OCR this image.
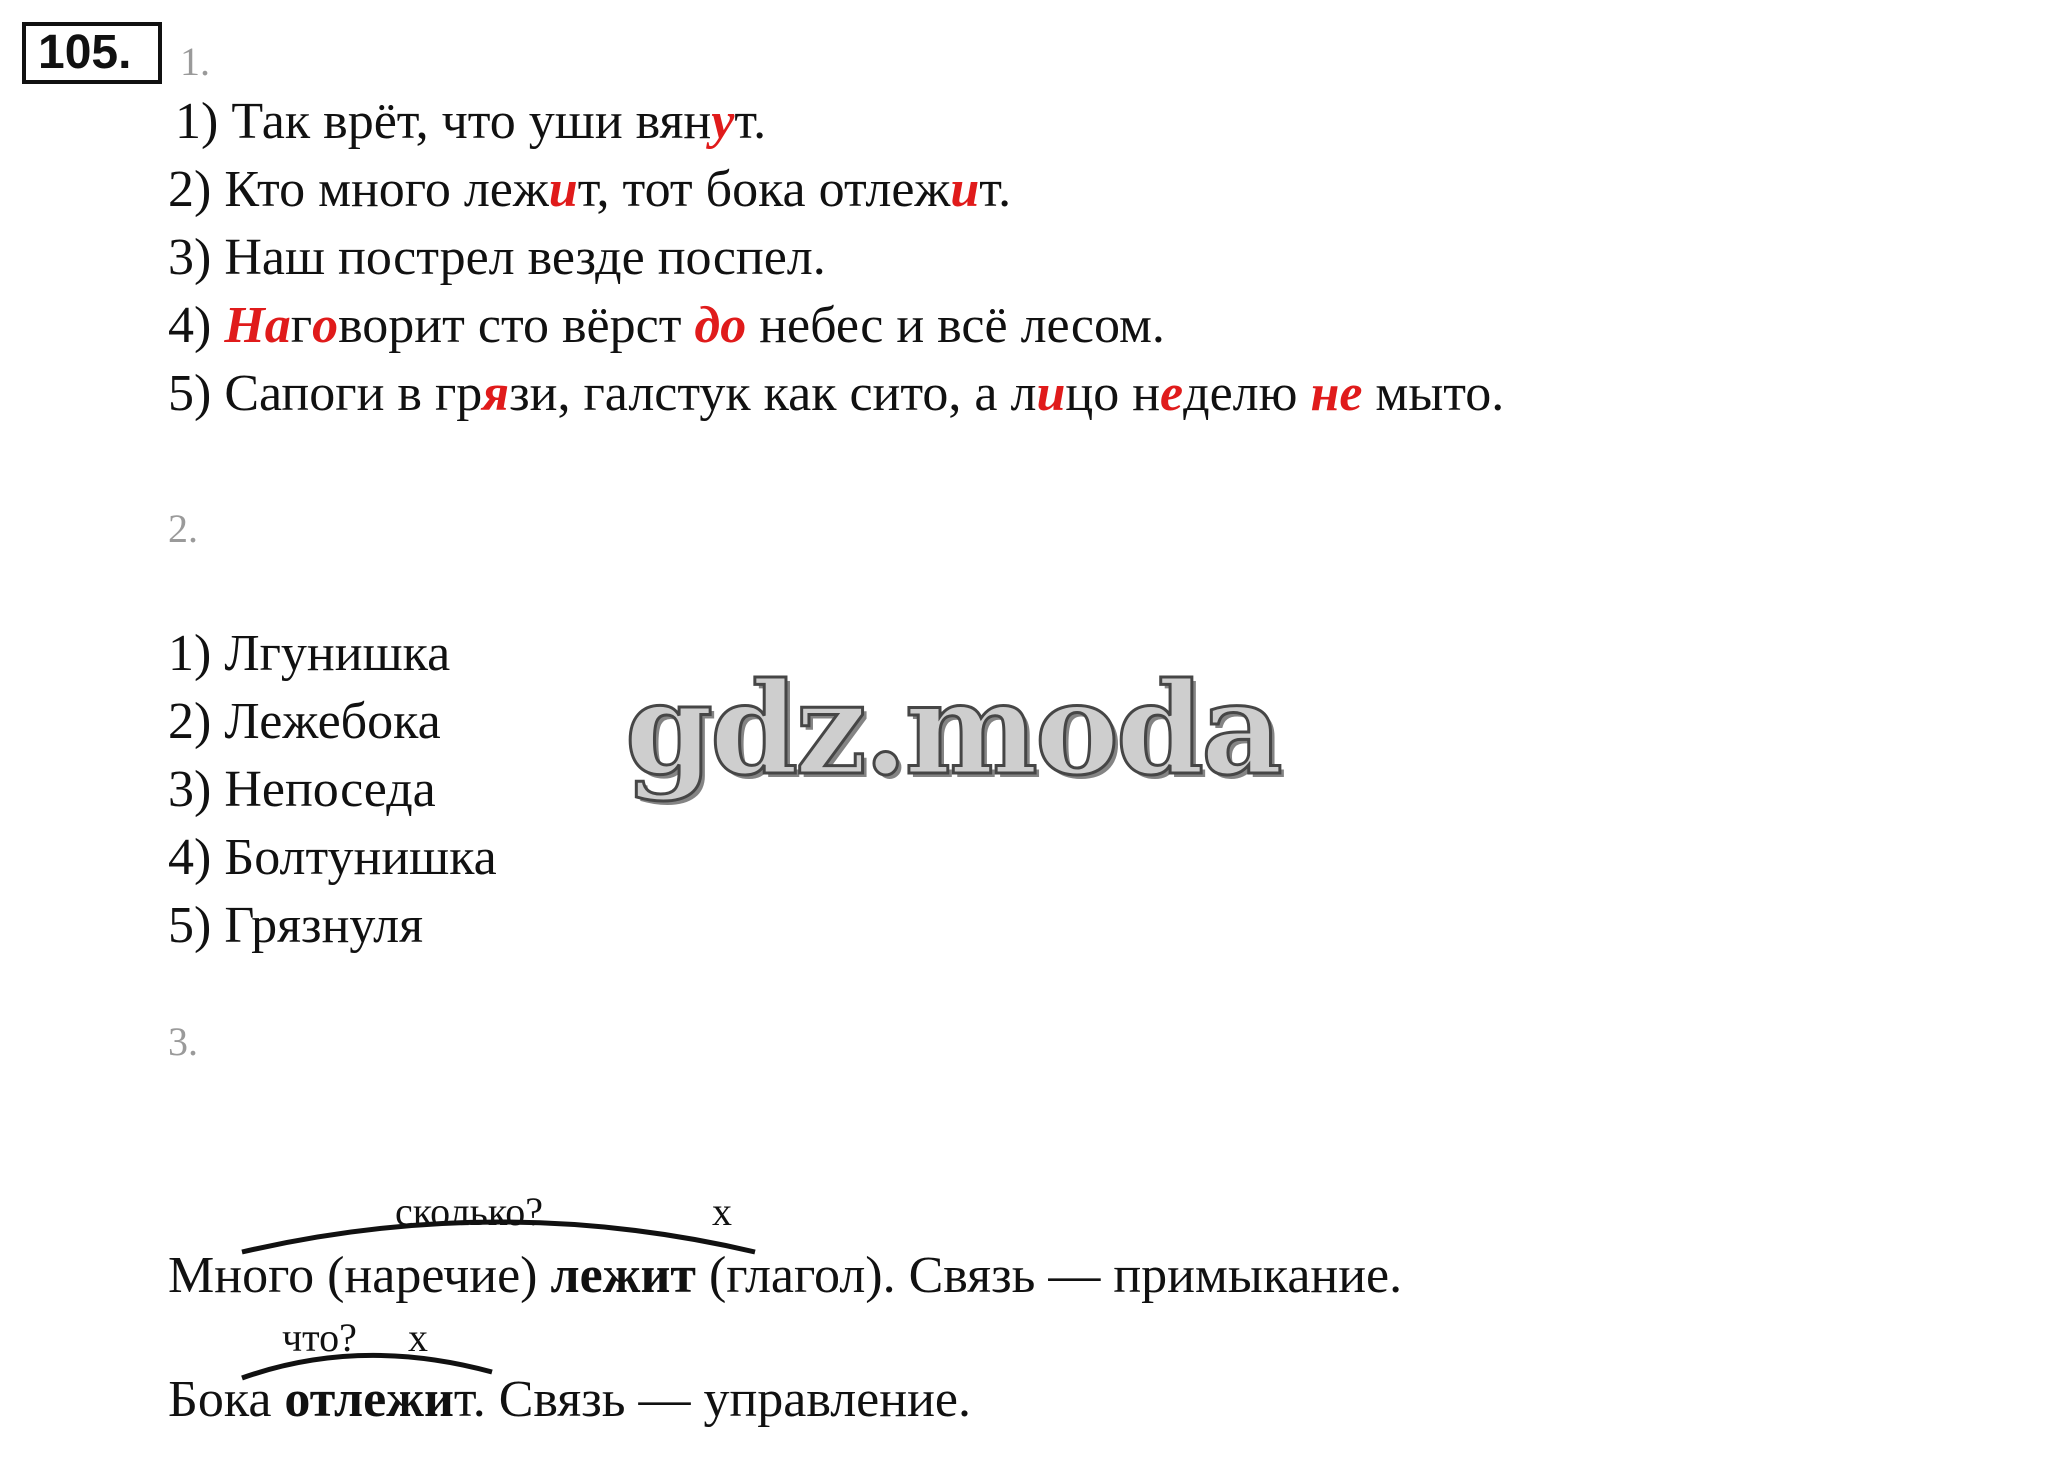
105.	1.
1) Так врёт, что уши вянут.
2) Кто много лежит, тот бока отлежит.
3) Наш пострел везде поспел.
4) Наговорит сто вёрст до небес и всё лесом.
5) Сапоги в грязи, галстук как сито, а лицо неделю не мыто.
2.
1) Лгунишка
2) Лежебока
3) Непоседа
4) Болтунишка
5) Грязнуля
gdz.moda
3.
сколько?	x
Много (наречие) лежит (глагол). Связь — примыкание.
что? x
Бока отлежит. Связь — управление.
